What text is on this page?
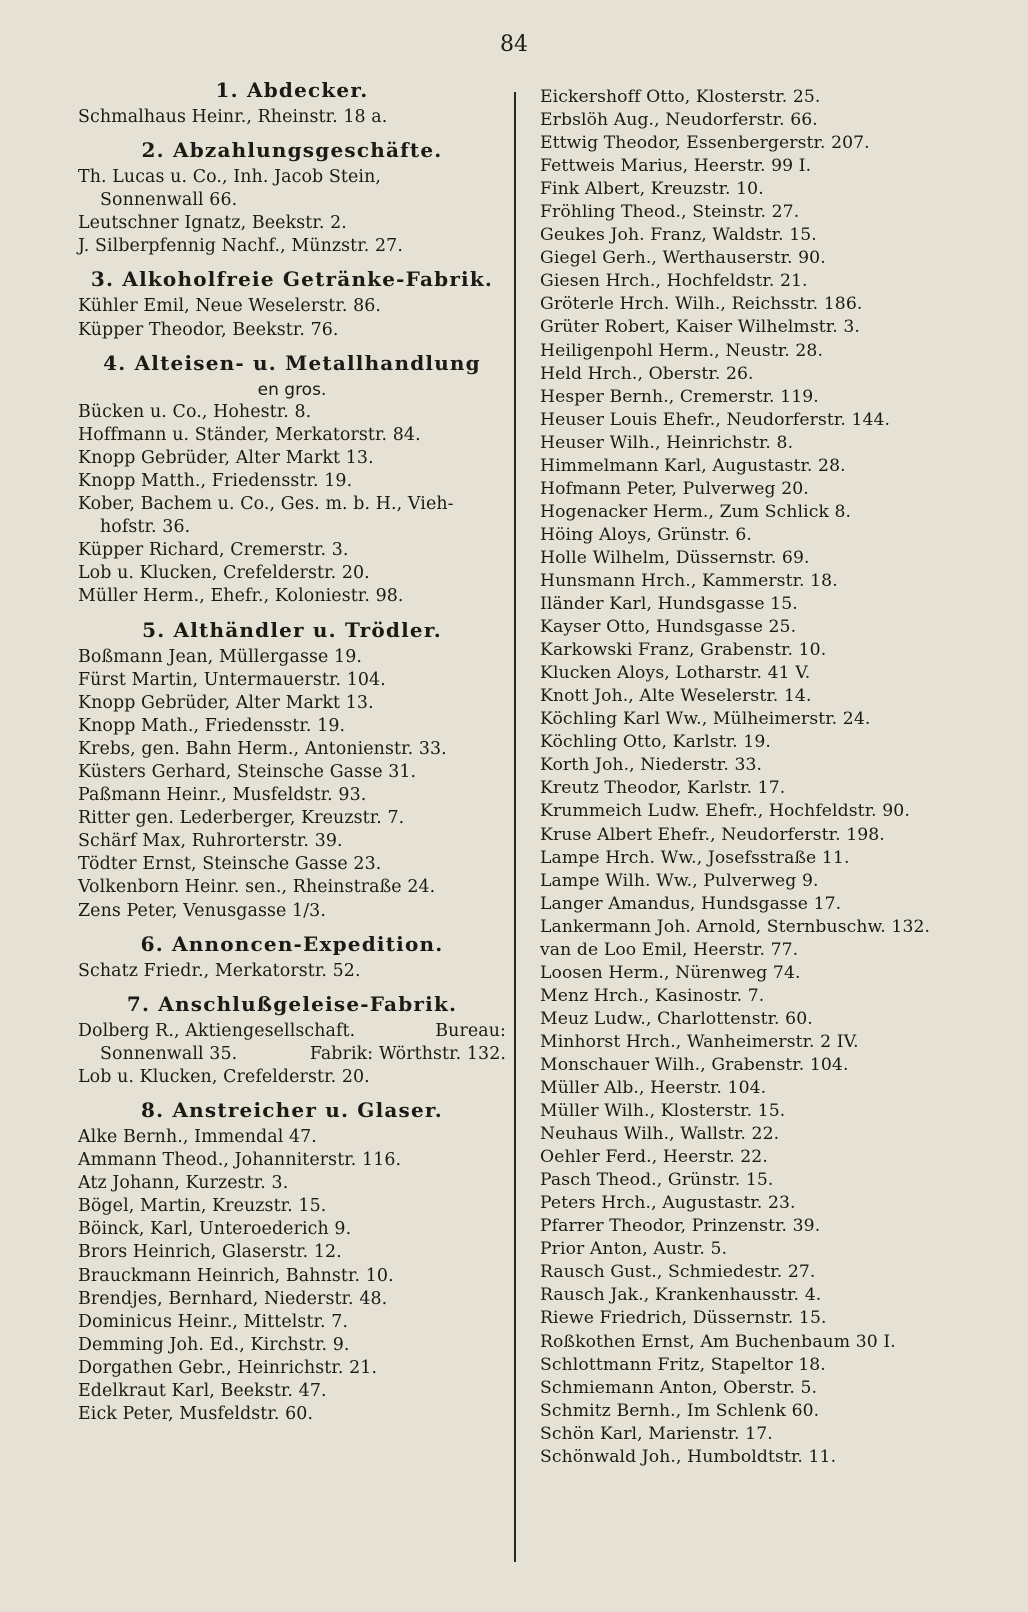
84
1. Abdecker.
Schmalhaus Heinr., Rheinstr. 18 a.
2. Abzahlungsgeschäfte.
Th. Lucas u. Co., Inh. Jacob Stein,
Sonnenwall 66.
Leutschner Ignatz, Beekstr. 2.
J. Silberpfennig Nachf., Münzstr. 27.
3. Alkoholfreie Getränke-Fabrik.
Kühler Emil, Neue Weselerstr. 86.
Küpper Theodor, Beekstr. 76.
4. Alteisen- u. Metallhandlung
en gros.
Bücken u. Co., Hohestr. 8.
Hoffmann u. Ständer, Merkatorstr. 84.
Knopp Gebrüder, Alter Markt 13.
Knopp Matth., Friedensstr. 19.
Kober, Bachem u. Co., Ges. m. b. H., Vieh-
hofstr. 36.
Küpper Richard, Cremerstr. 3.
Lob u. Klucken, Crefelderstr. 20.
Müller Herm., Ehefr., Koloniestr. 98.
5. Althändler u. Trödler.
Boßmann Jean, Müllergasse 19.
Fürst Martin, Untermauerstr. 104.
Knopp Gebrüder, Alter Markt 13.
Knopp Math., Friedensstr. 19.
Krebs, gen. Bahn Herm., Antonienstr. 33.
Küsters Gerhard, Steinsche Gasse 31.
Paßmann Heinr., Musfeldstr. 93.
Ritter gen. Lederberger, Kreuzstr. 7.
Schärf Max, Ruhrorterstr. 39.
Tödter Ernst, Steinsche Gasse 23.
Volkenborn Heinr. sen., Rheinstraße 24.
Zens Peter, Venusgasse 1/3.
6. Annoncen-Expedition.
Schatz Friedr., Merkatorstr. 52.
7. Anschlußgeleise-Fabrik.
Dolberg R., Aktiengesellschaft.	Bureau:
Sonnenwall 35.	Fabrik: Wörthstr. 132.
Lob u. Klucken, Crefelderstr. 20.
8. Anstreicher u. Glaser.
Alke Bernh., Immendal 47.
Ammann Theod., Johanniterstr. 116.
Atz Johann, Kurzestr. 3.
Bögel, Martin, Kreuzstr. 15.
Böinck, Karl, Unteroederich 9.
Brors Heinrich, Glaserstr. 12.
Brauckmann Heinrich, Bahnstr. 10.
Brendjes, Bernhard, Niederstr. 48.
Dominicus Heinr., Mittelstr. 7.
Demming Joh. Ed., Kirchstr. 9.
Dorgathen Gebr., Heinrichstr. 21.
Edelkraut Karl, Beekstr. 47.
Eick Peter, Musfeldstr. 60.
Eickershoff Otto, Klosterstr. 25.
Erbslöh Aug., Neudorferstr. 66.
Ettwig Theodor, Essenbergerstr. 207.
Fettweis Marius, Heerstr. 99 I.
Fink Albert, Kreuzstr. 10.
Fröhling Theod., Steinstr. 27.
Geukes Joh. Franz, Waldstr. 15.
Giegel Gerh., Werthauserstr. 90.
Giesen Hrch., Hochfeldstr. 21.
Gröterle Hrch. Wilh., Reichsstr. 186.
Grüter Robert, Kaiser Wilhelmstr. 3.
Heiligenpohl Herm., Neustr. 28.
Held Hrch., Oberstr. 26.
Hesper Bernh., Cremerstr. 119.
Heuser Louis Ehefr., Neudorferstr. 144.
Heuser Wilh., Heinrichstr. 8.
Himmelmann Karl, Augustastr. 28.
Hofmann Peter, Pulverweg 20.
Hogenacker Herm., Zum Schlick 8.
Höing Aloys, Grünstr. 6.
Holle Wilhelm, Düssernstr. 69.
Hunsmann Hrch., Kammerstr. 18.
Iländer Karl, Hundsgasse 15.
Kayser Otto, Hundsgasse 25.
Karkowski Franz, Grabenstr. 10.
Klucken Aloys, Lotharstr. 41 V.
Knott Joh., Alte Weselerstr. 14.
Köchling Karl Ww., Mülheimerstr. 24.
Köchling Otto, Karlstr. 19.
Korth Joh., Niederstr. 33.
Kreutz Theodor, Karlstr. 17.
Krummeich Ludw. Ehefr., Hochfeldstr. 90.
Kruse Albert Ehefr., Neudorferstr. 198.
Lampe Hrch. Ww., Josefsstraße 11.
Lampe Wilh. Ww., Pulverweg 9.
Langer Amandus, Hundsgasse 17.
Lankermann Joh. Arnold, Sternbuschw. 132.
van de Loo Emil, Heerstr. 77.
Loosen Herm., Nürenweg 74.
Menz Hrch., Kasinostr. 7.
Meuz Ludw., Charlottenstr. 60.
Minhorst Hrch., Wanheimerstr. 2 IV.
Monschauer Wilh., Grabenstr. 104.
Müller Alb., Heerstr. 104.
Müller Wilh., Klosterstr. 15.
Neuhaus Wilh., Wallstr. 22.
Oehler Ferd., Heerstr. 22.
Pasch Theod., Grünstr. 15.
Peters Hrch., Augustastr. 23.
Pfarrer Theodor, Prinzenstr. 39.
Prior Anton, Austr. 5.
Rausch Gust., Schmiedestr. 27.
Rausch Jak., Krankenhausstr. 4.
Riewe Friedrich, Düssernstr. 15.
Roßkothen Ernst, Am Buchenbaum 30 I.
Schlottmann Fritz, Stapeltor 18.
Schmiemann Anton, Oberstr. 5.
Schmitz Bernh., Im Schlenk 60.
Schön Karl, Marienstr. 17.
Schönwald Joh., Humboldtstr. 11.
